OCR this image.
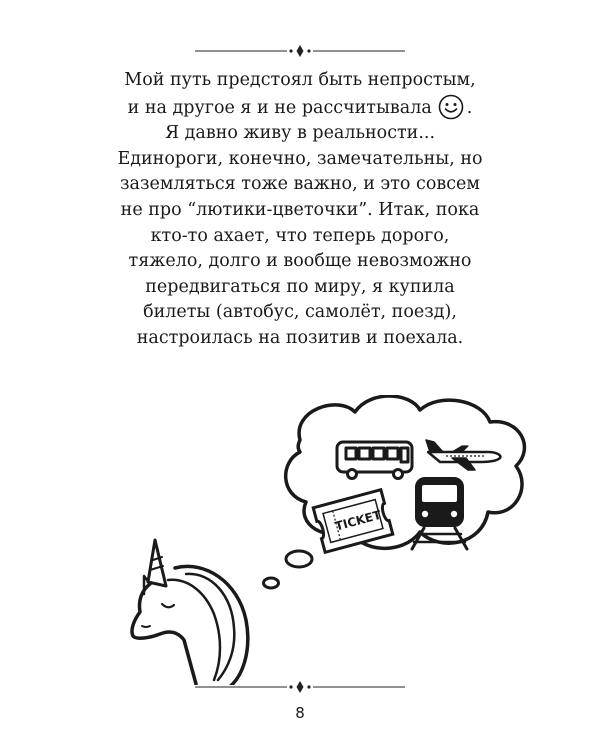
Мой путь предстоял быть непростым,
и на другое я и не рассчитывала .
Я давно живу в реальности...
Единороги, конечно, замечательны, но
заземляться тоже важно, и это совсем
не про “лютики-цветочки”. Итак, пока
кто-то ахает, что теперь дорого,
тяжело, долго и вообще невозможно
передвигаться по миру, я купила
билеты (автобус, самолёт, поезд),
настроилась на позитив и поехала.
TICKET
8
